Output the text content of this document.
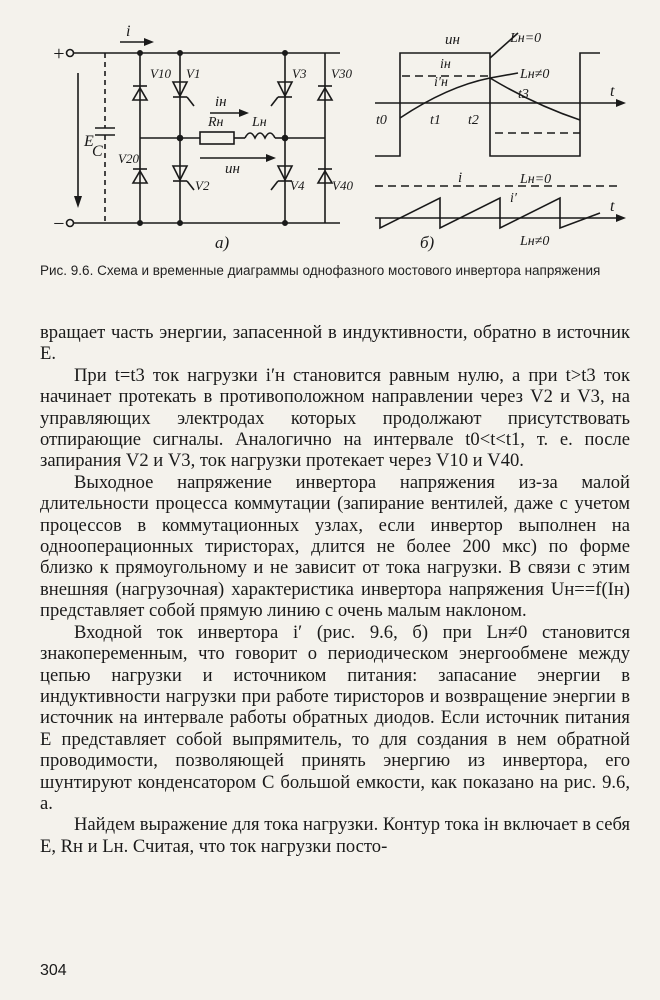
+
−
i
E
C
V10 V1
V20
V2
V3 V30
V4 V40
iн
Rн Lн
uн
а)
uн
iн
i′н
Lн=0
Lн≠0
t
t0	t1 t2
t3
i
i′
Lн=0
Lн≠0
t
б)
Рис. 9.6. Схема и временные диаграммы однофазного мостового инвертора напряжения

вращает часть энергии, запасенной в индуктивности, обратно в источник E.

При t=t3 ток нагрузки i′н становится равным нулю, а при t>t3 ток начинает протекать в противоположном направлении через V2 и V3, на управляющих электродах которых продолжают присутствовать отпирающие сигналы. Аналогично на интервале t0<t<t1, т. е. после запирания V2 и V3, ток нагрузки протекает через V10 и V40.

Выходное напряжение инвертора напряжения из-за малой длительности процесса коммутации (запирание вентилей, даже с учетом процессов в коммутационных узлах, если инвертор выполнен на однооперационных тиристорах, длится не более 200 мкс) по форме близко к прямоугольному и не зависит от тока нагрузки. В связи с этим внешняя (нагрузочная) характеристика инвертора напряжения Uн==f(Iн) представляет собой прямую линию с очень малым наклоном.

Входной ток инвертора i′ (рис. 9.6, б) при Lн≠0 становится знакопеременным, что говорит о периодическом энергообмене между цепью нагрузки и источником питания: запасание энергии в индуктивности нагрузки при работе тиристоров и возвращение энергии в источник на интервале работы обратных диодов. Если источник питания E представляет собой выпрямитель, то для создания в нем обратной проводимости, позволяющей принять энергию из инвертора, его шунтируют конденсатором C большой емкости, как показано на рис. 9.6, а.

Найдем выражение для тока нагрузки. Контур тока iн включает в себя E, Rн и Lн. Считая, что ток нагрузки посто-

304
